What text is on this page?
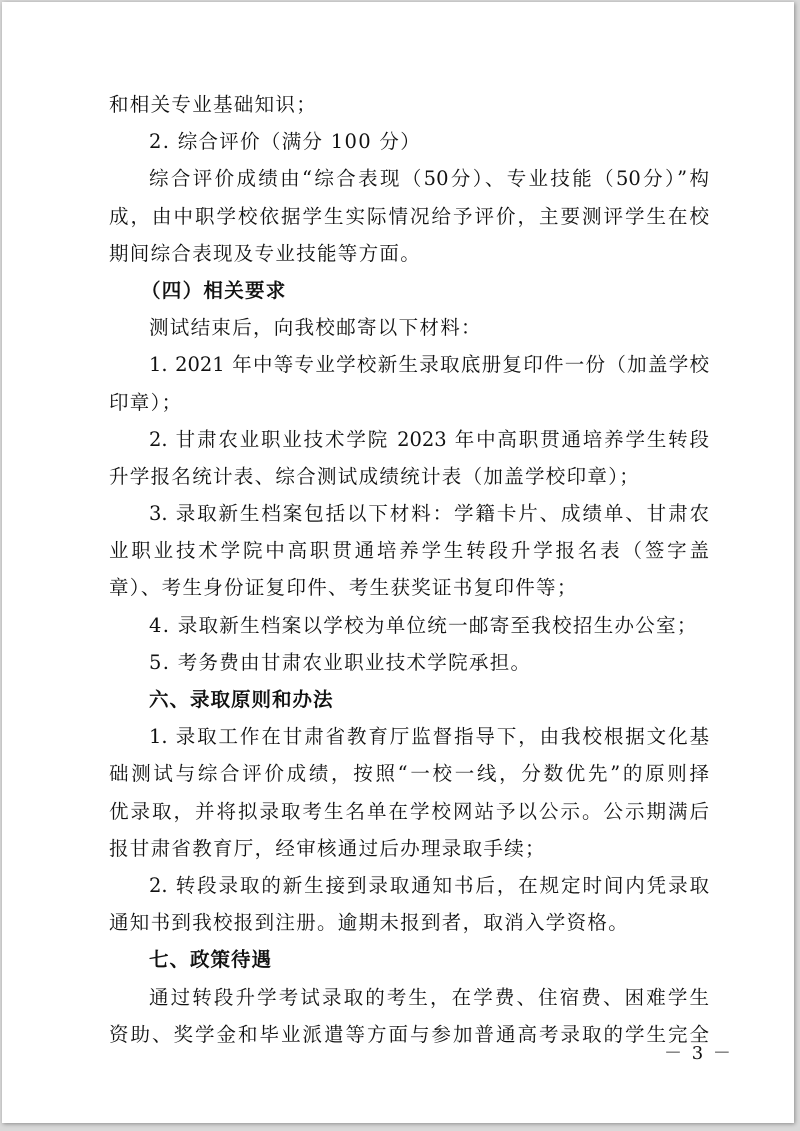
和相关专业基础知识；
2. 综合评价（满分 100 分）
综合评价成绩由“综合表现（50分）、专业技能（50分）”构
成，由中职学校依据学生实际情况给予评价，主要测评学生在校
期间综合表现及专业技能等方面。
（四）相关要求
测试结束后，向我校邮寄以下材料：
1. 2021 年中等专业学校新生录取底册复印件一份（加盖学校
印章）；
2. 甘肃农业职业技术学院 2023 年中高职贯通培养学生转段
升学报名统计表、综合测试成绩统计表（加盖学校印章）；
3. 录取新生档案包括以下材料：学籍卡片、成绩单、甘肃农
业职业技术学院中高职贯通培养学生转段升学报名表（签字盖
章）、考生身份证复印件、考生获奖证书复印件等；
4. 录取新生档案以学校为单位统一邮寄至我校招生办公室；
5. 考务费由甘肃农业职业技术学院承担。
六、录取原则和办法
1. 录取工作在甘肃省教育厅监督指导下，由我校根据文化基
础测试与综合评价成绩，按照“一校一线，分数优先”的原则择
优录取，并将拟录取考生名单在学校网站予以公示。公示期满后
报甘肃省教育厅，经审核通过后办理录取手续；
2. 转段录取的新生接到录取通知书后，在规定时间内凭录取
通知书到我校报到注册。逾期未报到者，取消入学资格。
七、政策待遇
通过转段升学考试录取的考生，在学费、住宿费、困难学生
资助、奖学金和毕业派遣等方面与参加普通高考录取的学生完全
－ 3 －
